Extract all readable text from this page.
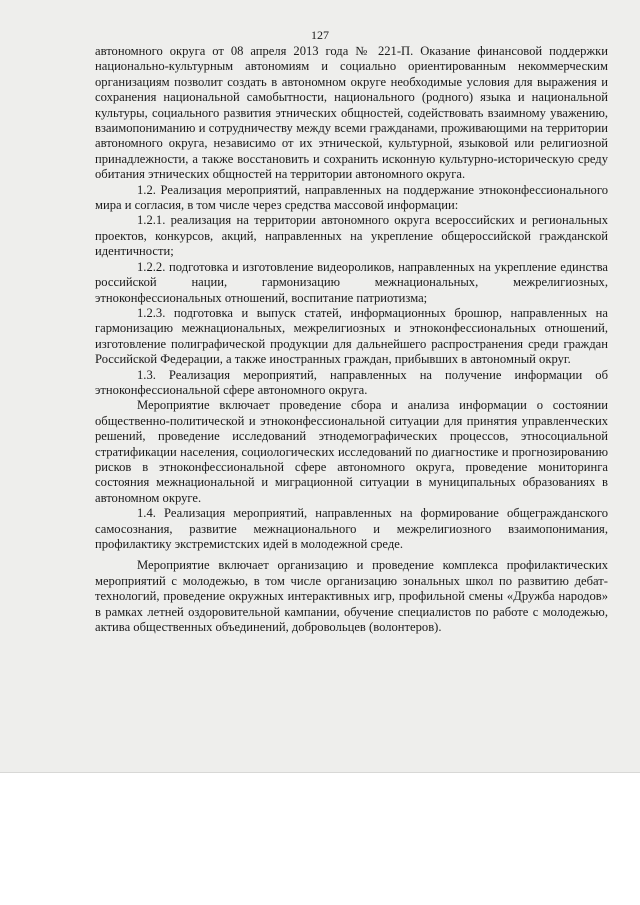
127

автономного округа от 08 апреля 2013 года № 221-П. Оказание финансовой поддержки национально-культурным автономиям и социально ориентированным некоммерческим организациям позволит создать в автономном округе необходимые условия для выражения и сохранения национальной самобытности, национального (родного) языка и национальной культуры, социального развития этнических общностей, содействовать взаимному уважению, взаимопониманию и сотрудничеству между всеми гражданами, проживающими на территории автономного округа, независимо от их этнической, культурной, языковой или религиозной принадлежности, а также восстановить и сохранить исконную культурно-историческую среду обитания этнических общностей на территории автономного округа.

1.2. Реализация мероприятий, направленных на поддержание этноконфессионального мира и согласия, в том числе через средства массовой информации:

1.2.1. реализация на территории автономного округа всероссийских и региональных проектов, конкурсов, акций, направленных на укрепление общероссийской гражданской идентичности;

1.2.2. подготовка и изготовление видеороликов, направленных на укрепление единства российской нации, гармонизацию межнациональных, межрелигиозных, этноконфессиональных отношений, воспитание патриотизма;

1.2.3. подготовка и выпуск статей, информационных брошюр, направленных на гармонизацию межнациональных, межрелигиозных и этноконфессиональных отношений, изготовление полиграфической продукции для дальнейшего распространения среди граждан Российской Федерации, а также иностранных граждан, прибывших в автономный округ.

1.3. Реализация мероприятий, направленных на получение информации об этноконфессиональной сфере автономного округа.

Мероприятие включает проведение сбора и анализа информации о состоянии общественно-политической и этноконфессиональной ситуации для принятия управленческих решений, проведение исследований этнодемографических процессов, этносоциальной стратификации населения, социологических исследований по диагностике и прогнозированию рисков в этноконфессиональной сфере автономного округа, проведение мониторинга состояния межнациональной и миграционной ситуации в муниципальных образованиях в автономном округе.

1.4. Реализация мероприятий, направленных на формирование общегражданского самосознания, развитие межнационального и межрелигиозного взаимопонимания, профилактику экстремистских идей в молодежной среде.

Мероприятие включает организацию и проведение комплекса профилактических мероприятий с молодежью, в том числе организацию зональных школ по развитию дебат-технологий, проведение окружных интерактивных игр, профильной смены «Дружба народов» в рамках летней оздоровительной кампании, обучение специалистов по работе с молодежью, актива общественных объединений, добровольцев (волонтеров).
